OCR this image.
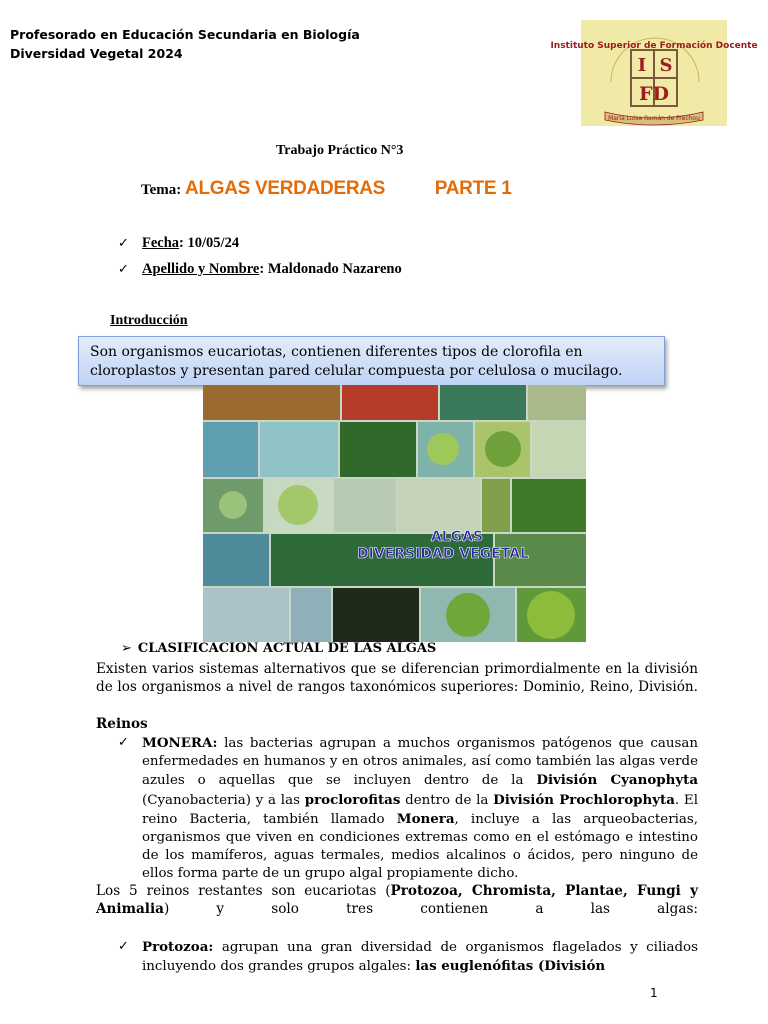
Profesorado en Educación Secundaria en Biología
Diversidad Vegetal 2024	Instituto Superior de Formación Docente
I S
FD
María Luisa Román de Frechou
Trabajo Práctico N°3
Tema: ALGAS VERDADERAS	PARTE 1
✓ Fecha: 10/05/24
✓ Apellido y Nombre: Maldonado Nazareno
Introducción
Son organismos eucariotas, contienen diferentes tipos de clorofila en cloroplastos y presentan pared celular compuesta por celulosa o mucilago.
ALGAS
DIVERSIDAD VEGETAL
➢ CLASIFICACION ACTUAL DE LAS ALGAS
Existen varios sistemas alternativos que se diferencian primordialmente en la división de los organismos a nivel de rangos taxonómicos superiores: Dominio, Reino, División.
Reinos
✓ MONERA: las bacterias agrupan a muchos organismos patógenos que causan enfermedades en humanos y en otros animales, así como también las algas verde azules o aquellas que se incluyen dentro de la División Cyanophyta (Cyanobacteria) y a las proclorofitas dentro de la División Prochlorophyta. El reino Bacteria, también llamado Monera, incluye a las arqueobacterias, organismos que viven en condiciones extremas como en el estómago e intestino de los mamíferos, aguas termales, medios alcalinos o ácidos, pero ninguno de ellos forma parte de un grupo algal propiamente dicho.
Los 5 reinos restantes son eucariotas (Protozoa, Chromista, Plantae, Fungi y Animalia) y solo tres contienen a las algas:
✓ Protozoa: agrupan una gran diversidad de organismos flagelados y ciliados incluyendo dos grandes grupos algales: las euglenófitas (División
1
